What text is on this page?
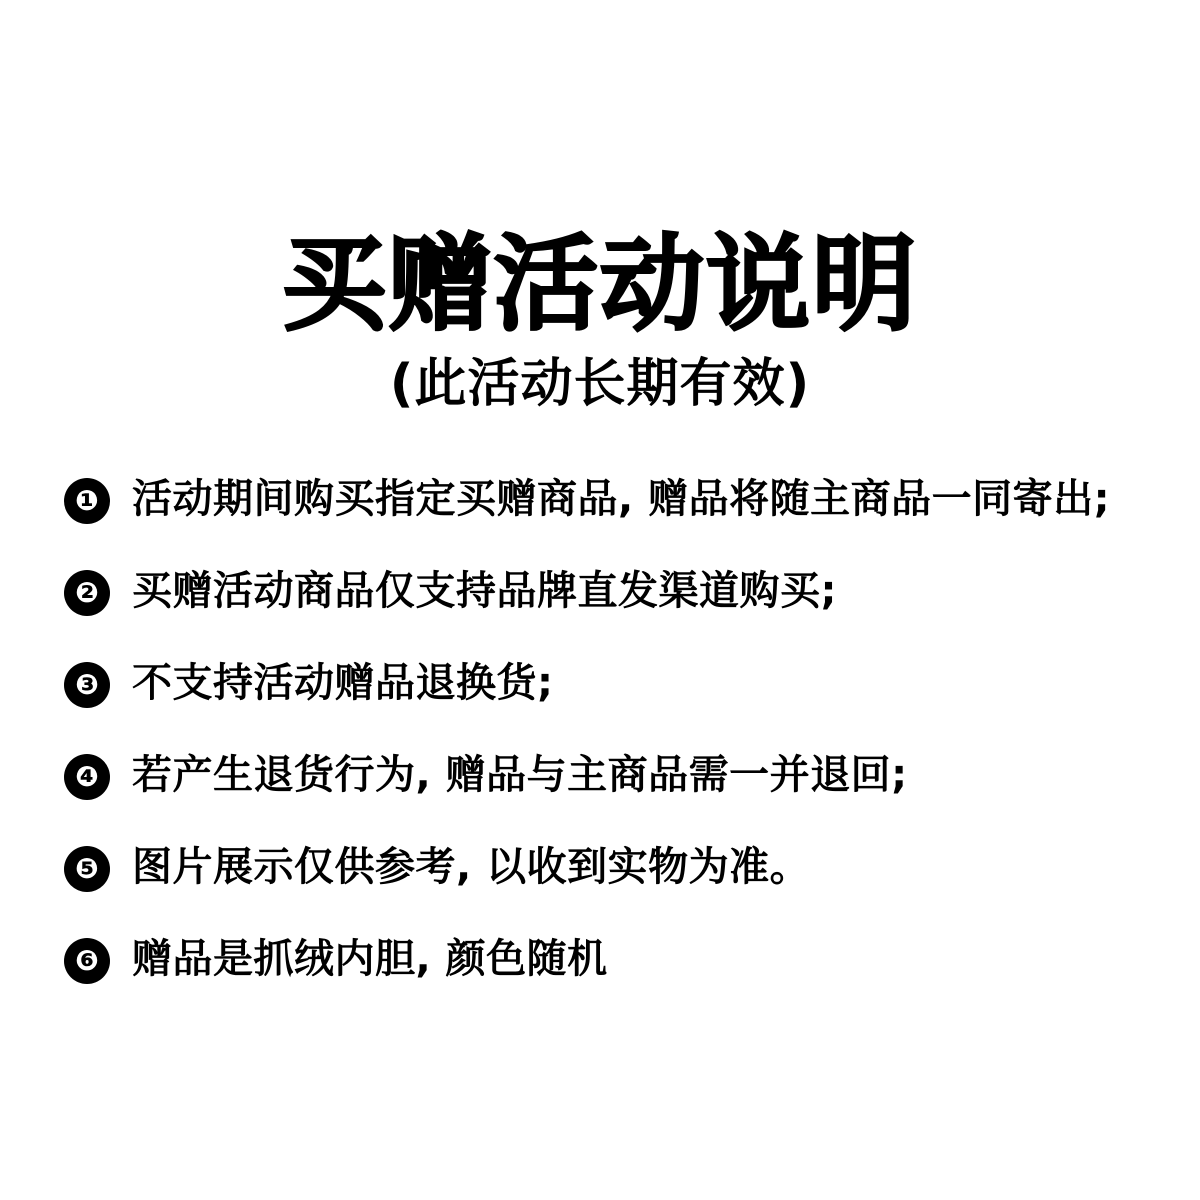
买赠活动说明
(此活动长期有效)
❶ 活动期间购买指定买赠商品, 赠品将随主商品一同寄出;
❷ 买赠活动商品仅支持品牌直发渠道购买;
❸ 不支持活动赠品退换货;
❹ 若产生退货行为, 赠品与主商品需一并退回;
❺ 图片展示仅供参考, 以收到实物为准。
❻ 赠品是抓绒内胆, 颜色随机
